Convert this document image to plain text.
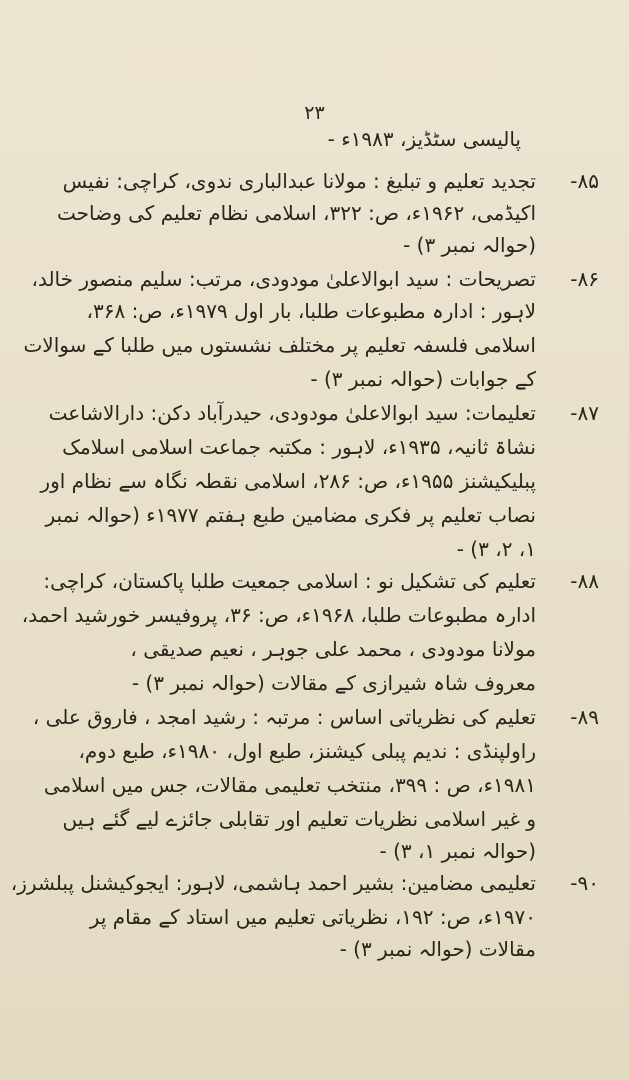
۲۳
پالیسی سٹڈیز، ۱۹۸۳ء -
۸۵-
تجدید تعلیم و تبلیغ : مولانا عبدالباری ندوی، کراچی: نفیس
اکیڈمی، ۱۹۶۲ء، ص: ۳۲۲، اسلامی نظام تعلیم کی وضاحت
(حوالہ نمبر ۳) -
۸۶-
تصریحات : سید ابوالاعلیٰ مودودی، مرتب: سلیم منصور خالد،
لاہور : ادارہ مطبوعات طلبا، بار اول ۱۹۷۹ء، ص: ۳۶۸،
اسلامی فلسفہ تعلیم پر مختلف نشستوں میں طلبا کے سوالات
کے جوابات (حوالہ نمبر ۳) -
۸۷-
تعلیمات: سید ابوالاعلیٰ مودودی، حیدرآباد دکن: دارالاشاعت
نشاۃ ثانیہ، ۱۹۳۵ء، لاہور : مکتبہ جماعت اسلامی اسلامک
پبلیکیشنز ۱۹۵۵ء، ص: ۲۸۶، اسلامی نقطہ نگاہ سے نظام اور
نصاب تعلیم پر فکری مضامین طبع ہفتم ۱۹۷۷ء (حوالہ نمبر
۱، ۲، ۳) -
۸۸-
تعلیم کی تشکیل نو : اسلامی جمعیت طلبا پاکستان، کراچی:
ادارہ مطبوعات طلبا، ۱۹۶۸ء، ص: ۳۶، پروفیسر خورشید احمد،
مولانا مودودی ، محمد علی جوہر ، نعیم صدیقی ،
معروف شاہ شیرازی کے مقالات (حوالہ نمبر ۳) -
۸۹-
تعلیم کی نظریاتی اساس : مرتبہ : رشید امجد ، فاروق علی ،
راولپنڈی : ندیم پبلی کیشنز، طبع اول، ۱۹۸۰ء، طبع دوم،
۱۹۸۱ء، ص : ۳۹۹، منتخب تعلیمی مقالات، جس میں اسلامی
و غیر اسلامی نظریات تعلیم اور تقابلی جائزے لیے گئے ہیں
(حوالہ نمبر ۱، ۳) -
۹۰-
تعلیمی مضامین: بشیر احمد ہاشمی، لاہور: ایجوکیشنل پبلشرز،
۱۹۷۰ء، ص: ۱۹۲، نظریاتی تعلیم میں استاد کے مقام پر
مقالات (حوالہ نمبر ۳) -
